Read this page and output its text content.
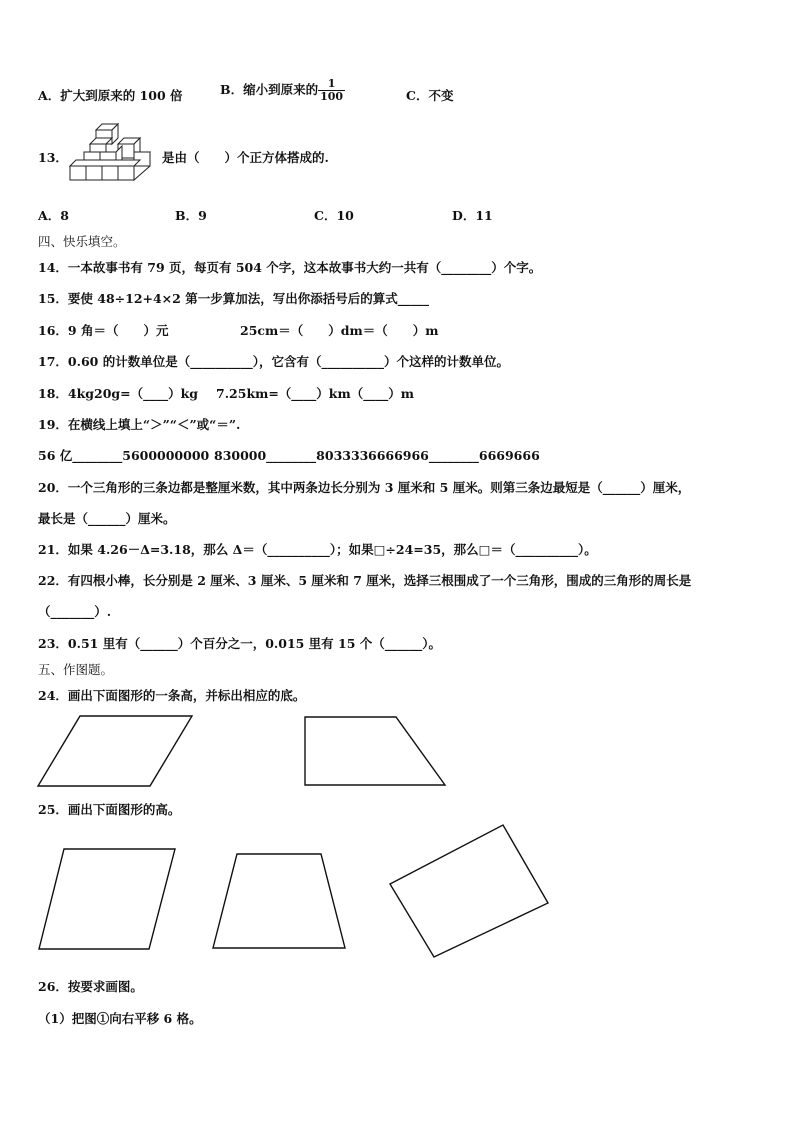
A．扩大到原来的 100 倍	B．缩小到原来的 $\frac{1}{100}$	C．不变
13．	是由（　　）个正方体搭成的.
A．8	B．9	C．10	D．11
四、快乐填空。
14．一本故事书有 79 页，每页有 504 个字，这本故事书大约一共有（________）个字。
15．要使 48÷12+4×2 第一步算加法，写出你添括号后的算式_____
16．9 角＝（　　）元	25cm＝（　　）dm＝（　　）m
17．0.60 的计数单位是（__________），它含有（__________）个这样的计数单位。
18．4kg20g=（____）kg 7.25km=（____）km（____）m
19．在横线上填上“＞”“＜”或“＝”.
56 亿________5600000000 830000________803333 6666966________6669666
20．一个三角形的三条边都是整厘米数，其中两条边长分别为 3 厘米和 5 厘米。则第三条边最短是（______）厘米，
最长是（______）厘米。
21．如果 4.26－Δ=3.18，那么 Δ＝（__________）；如果□÷24=35，那么□＝（__________）。
22．有四根小棒，长分别是 2 厘米、3 厘米、5 厘米和 7 厘米，选择三根围成了一个三角形，围成的三角形的周长是
（_______）.
23．0.51 里有（______）个百分之一，0.015 里有 15 个（______）。
五、作图题。
24．画出下面图形的一条高，并标出相应的底。
25．画出下面图形的高。
26．按要求画图。
（1）把图①向右平移 6 格。
